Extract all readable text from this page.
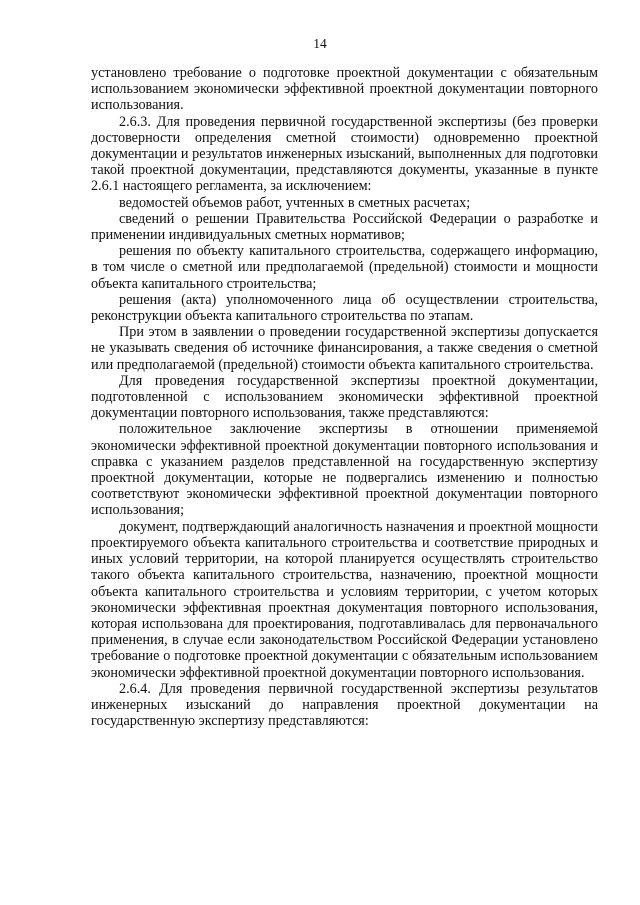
14

установлено требование о подготовке проектной документации с обязательным использованием экономически эффективной проектной документации повторного использования.

2.6.3. Для проведения первичной государственной экспертизы (без проверки достоверности определения сметной стоимости) одновременно проектной документации и результатов инженерных изысканий, выполненных для подготовки такой проектной документации, представляются документы, указанные в пункте 2.6.1 настоящего регламента, за исключением:

ведомостей объемов работ, учтенных в сметных расчетах;

сведений о решении Правительства Российской Федерации о разработке и применении индивидуальных сметных нормативов;

решения по объекту капитального строительства, содержащего информацию, в том числе о сметной или предполагаемой (предельной) стоимости и мощности объекта капитального строительства;

решения (акта) уполномоченного лица об осуществлении строительства, реконструкции объекта капитального строительства по этапам.

При этом в заявлении о проведении государственной экспертизы допускается не указывать сведения об источнике финансирования, а также сведения о сметной или предполагаемой (предельной) стоимости объекта капитального строительства.

Для проведения государственной экспертизы проектной документации, подготовленной с использованием экономически эффективной проектной документации повторного использования, также представляются:

положительное заключение экспертизы в отношении применяемой экономически эффективной проектной документации повторного использования и справка с указанием разделов представленной на государственную экспертизу проектной документации, которые не подвергались изменению и полностью соответствуют экономически эффективной проектной документации повторного использования;

документ, подтверждающий аналогичность назначения и проектной мощности проектируемого объекта капитального строительства и соответствие природных и иных условий территории, на которой планируется осуществлять строительство такого объекта капитального строительства, назначению, проектной мощности объекта капитального строительства и условиям территории, с учетом которых экономически эффективная проектная документация повторного использования, которая использована для проектирования, подготавливалась для первоначального применения, в случае если законодательством Российской Федерации установлено требование о подготовке проектной документации с обязательным использованием экономически эффективной проектной документации повторного использования.

2.6.4. Для проведения первичной государственной экспертизы результатов инженерных изысканий до направления проектной документации на государственную экспертизу представляются:
